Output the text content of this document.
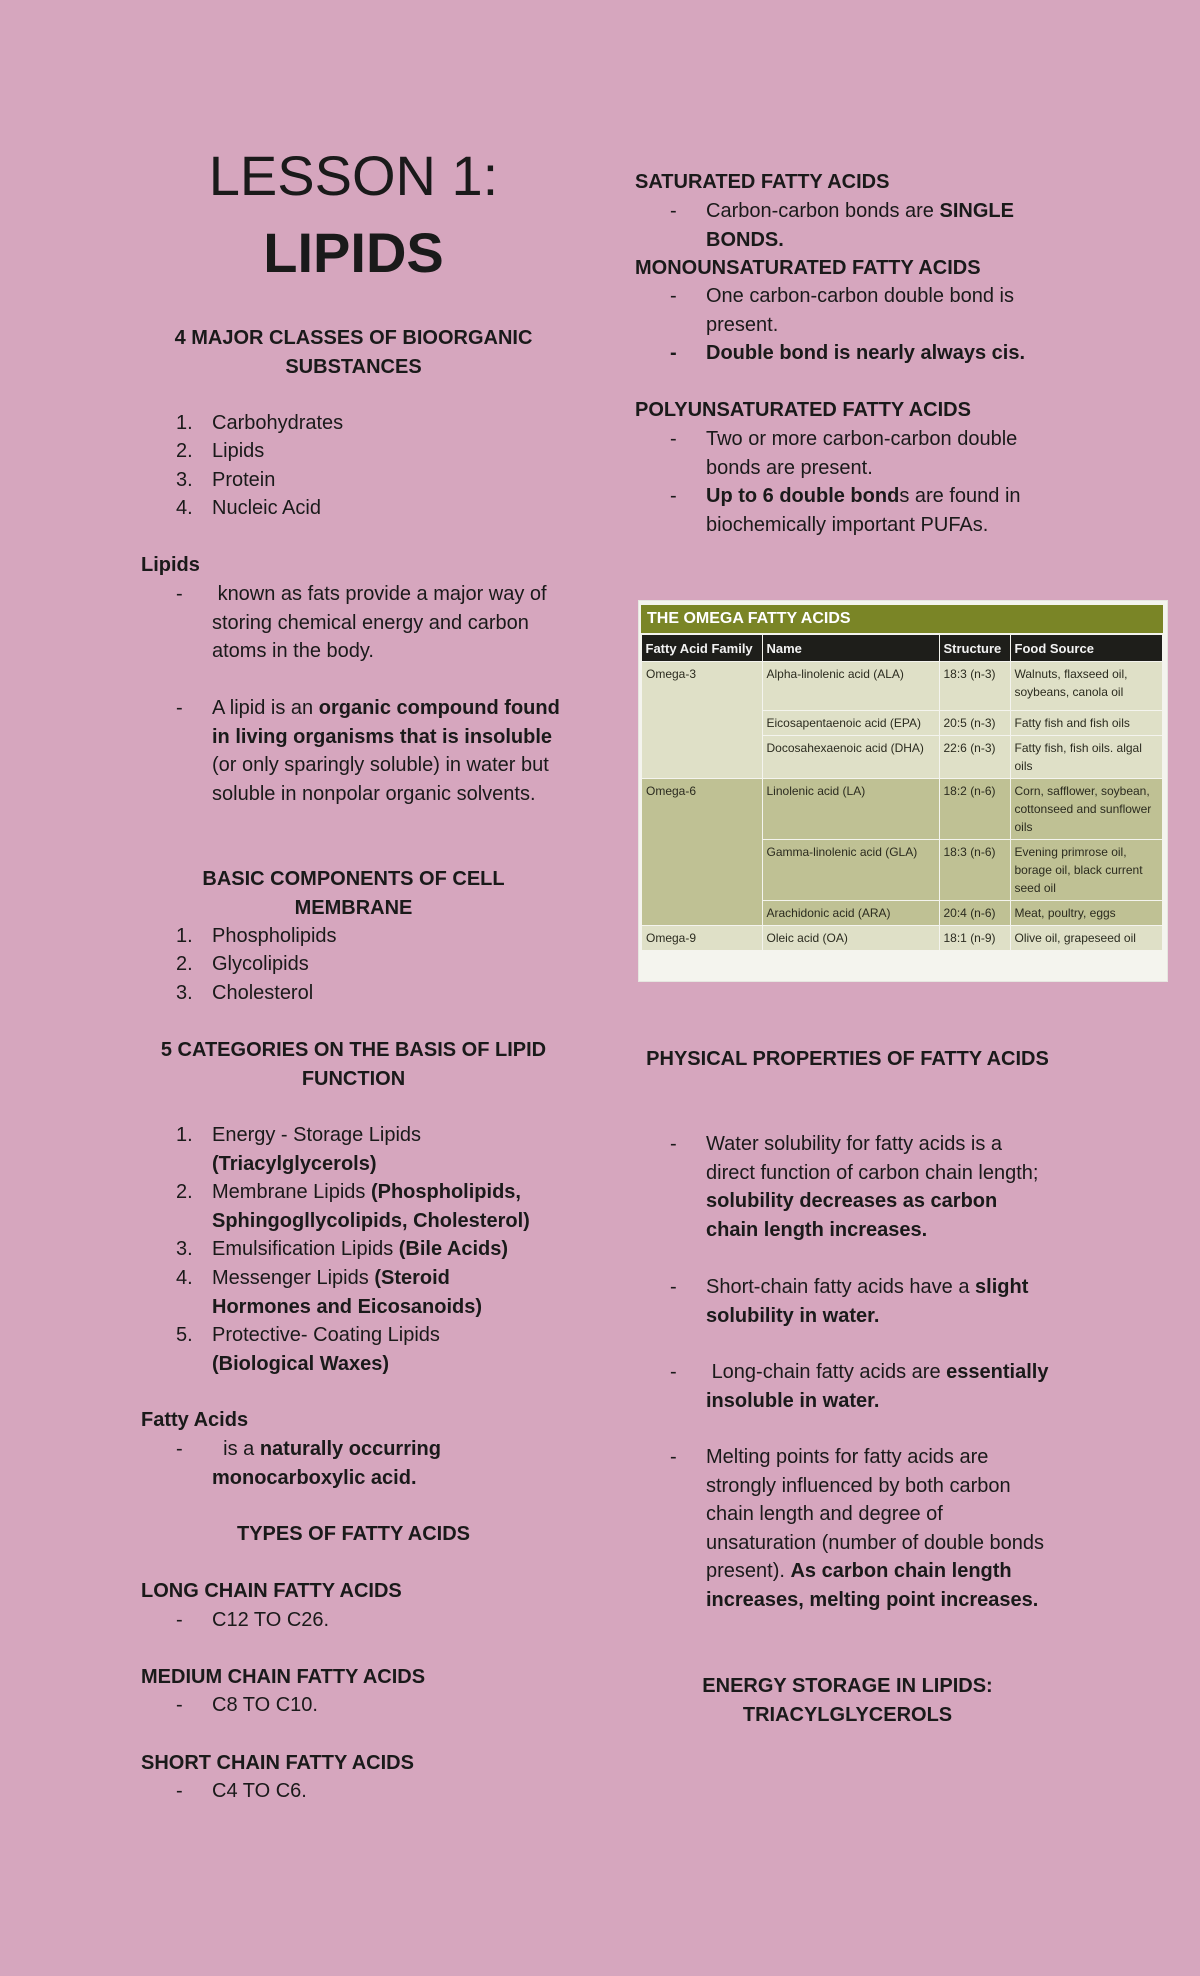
LESSON 1:
LIPIDS
4 MAJOR CLASSES OF BIOORGANIC SUBSTANCES
1. Carbohydrates
2. Lipids
3. Protein
4. Nucleic Acid
Lipids
-	known as fats provide a major way of storing chemical energy and carbon atoms in the body.
-	A lipid is an organic compound found in living organisms that is insoluble (or only sparingly soluble) in water but soluble in nonpolar organic solvents.
BASIC COMPONENTS OF CELL MEMBRANE
1. Phospholipids
2. Glycolipids
3. Cholesterol
5 CATEGORIES ON THE BASIS OF LIPID FUNCTION
1. Energy - Storage Lipids (Triacylglycerols)
2. Membrane Lipids (Phospholipids, Sphingogllycolipids, Cholesterol)
3. Emulsification Lipids (Bile Acids)
4. Messenger Lipids (Steroid Hormones and Eicosanoids)
5. Protective- Coating Lipids (Biological Waxes)
Fatty Acids
-	is a naturally occurring monocarboxylic acid.
TYPES OF FATTY ACIDS
LONG CHAIN FATTY ACIDS
-	C12 TO C26.
MEDIUM CHAIN FATTY ACIDS
-	C8 TO C10.
SHORT CHAIN FATTY ACIDS
-	C4 TO C6.
SATURATED FATTY ACIDS
-	Carbon-carbon bonds are SINGLE BONDS.
MONOUNSATURATED FATTY ACIDS
-	One carbon-carbon double bond is present.
-	Double bond is nearly always cis.
POLYUNSATURATED FATTY ACIDS
-	Two or more carbon-carbon double bonds are present.
-	Up to 6 double bonds are found in biochemically important PUFAs.
PHYSICAL PROPERTIES OF FATTY ACIDS
-	Water solubility for fatty acids is a direct function of carbon chain length; solubility decreases as carbon chain length increases.
-	Short-chain fatty acids have a slight solubility in water.
-	Long-chain fatty acids are essentially insoluble in water.
-	Melting points for fatty acids are strongly influenced by both carbon chain length and degree of unsaturation (number of double bonds present). As carbon chain length increases, melting point increases.
ENERGY STORAGE IN LIPIDS: TRIACYLGLYCEROLS
THE OMEGA FATTY ACIDS
Fatty Acid Family	Name	Structure	Food Source
Omega-3	Alpha-linolenic acid (ALA)	18:3 (n-3)	Walnuts, flaxseed oil, soybeans, canola oil
	Eicosapentaenoic acid (EPA)	20:5 (n-3)	Fatty fish and fish oils
	Docosahexaenoic acid (DHA)	22:6 (n-3)	Fatty fish, fish oils. algal oils
Omega-6	Linolenic acid (LA)	18:2 (n-6)	Corn, safflower, soybean, cottonseed and sunflower oils
	Gamma-linolenic acid (GLA)	18:3 (n-6)	Evening primrose oil, borage oil, black current seed oil
	Arachidonic acid (ARA)	20:4 (n-6)	Meat, poultry, eggs
Omega-9	Oleic acid (OA)	18:1 (n-9)	Olive oil, grapeseed oil
